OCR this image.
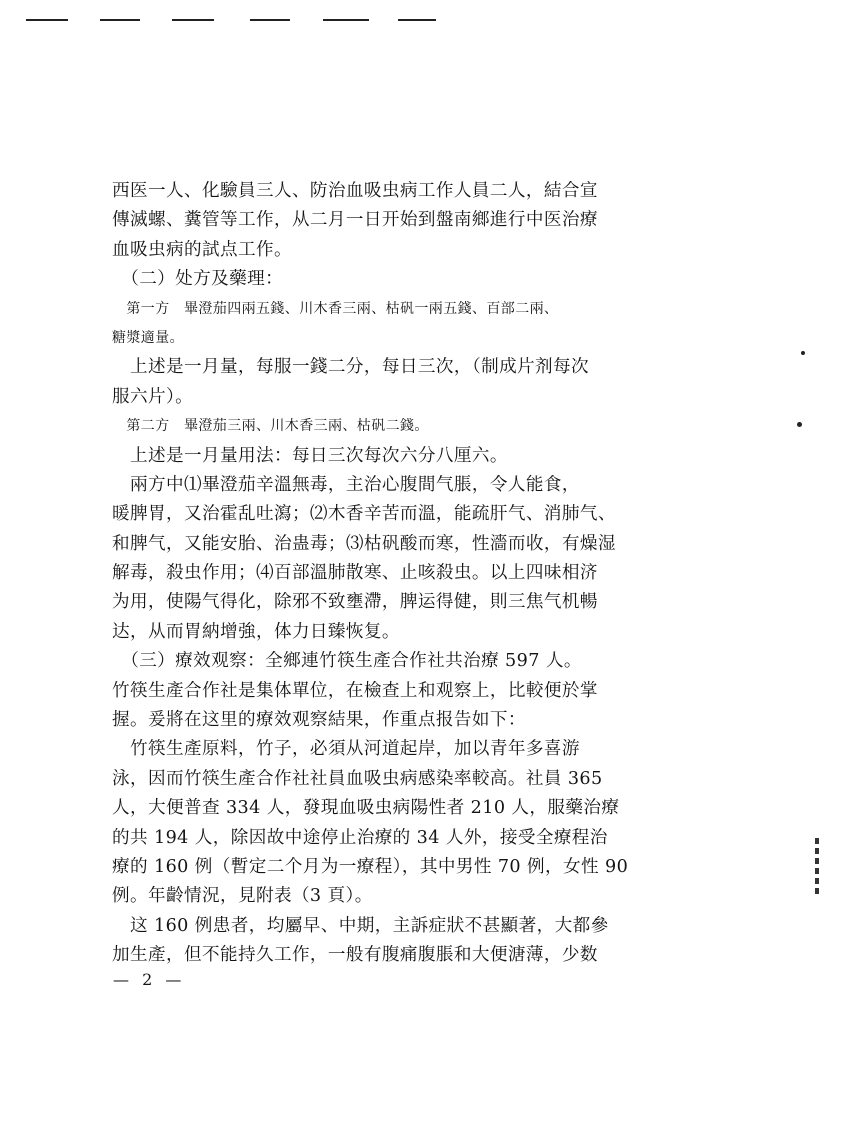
西医一人、化驗員三人、防治血吸虫病工作人員二人，結合宣
傳滅螺、糞管等工作，从二月一日开始到盤南鄉進行中医治療
血吸虫病的試点工作。
　（二）处方及藥理：
　第一方　畢澄茄四兩五錢、川木香三兩、枯矾一兩五錢、百部二兩、
糖漿適量。
　上述是一月量，每服一錢二分，每日三次，（制成片剂每次
服六片）。
　第二方　畢澄茄三兩、川木香三兩、枯矾二錢。
　上述是一月量用法：每日三次每次六分八厘六。
　兩方中⑴畢澄茄辛溫無毒，主治心腹間气脹，令人能食，
暖脾胃，又治霍乱吐瀉；⑵木香辛苦而溫，能疏肝气、消肺气、
和脾气，又能安胎、治蛊毒；⑶枯矾酸而寒，性濇而收，有燥湿
解毒，殺虫作用；⑷百部溫肺散寒、止咳殺虫。以上四味相济
为用，使陽气得化，除邪不致壅滯，脾运得健，則三焦气机暢
达，从而胃納增強，体力日臻恢复。
　（三）療效观察：全鄉連竹筷生產合作社共治療 597 人。
竹筷生產合作社是集体單位，在檢查上和观察上，比較便於掌
握。爰將在这里的療效观察結果，作重点报告如下：
　竹筷生產原料，竹子，必須从河道起岸，加以青年多喜游
泳，因而竹筷生產合作社社員血吸虫病感染率較高。社員 365
人，大便普查 334 人，發現血吸虫病陽性者 210 人，服藥治療
的共 194 人，除因故中途停止治療的 34 人外，接受全療程治
療的 160 例（暫定二个月为一療程），其中男性 70 例，女性 90
例。年齡情況，見附表（3 頁）。
　这 160 例患者，均屬早、中期，主訴症狀不甚顯著，大都參
加生產，但不能持久工作，一般有腹痛腹脹和大便溏薄，少数
— 2 —
